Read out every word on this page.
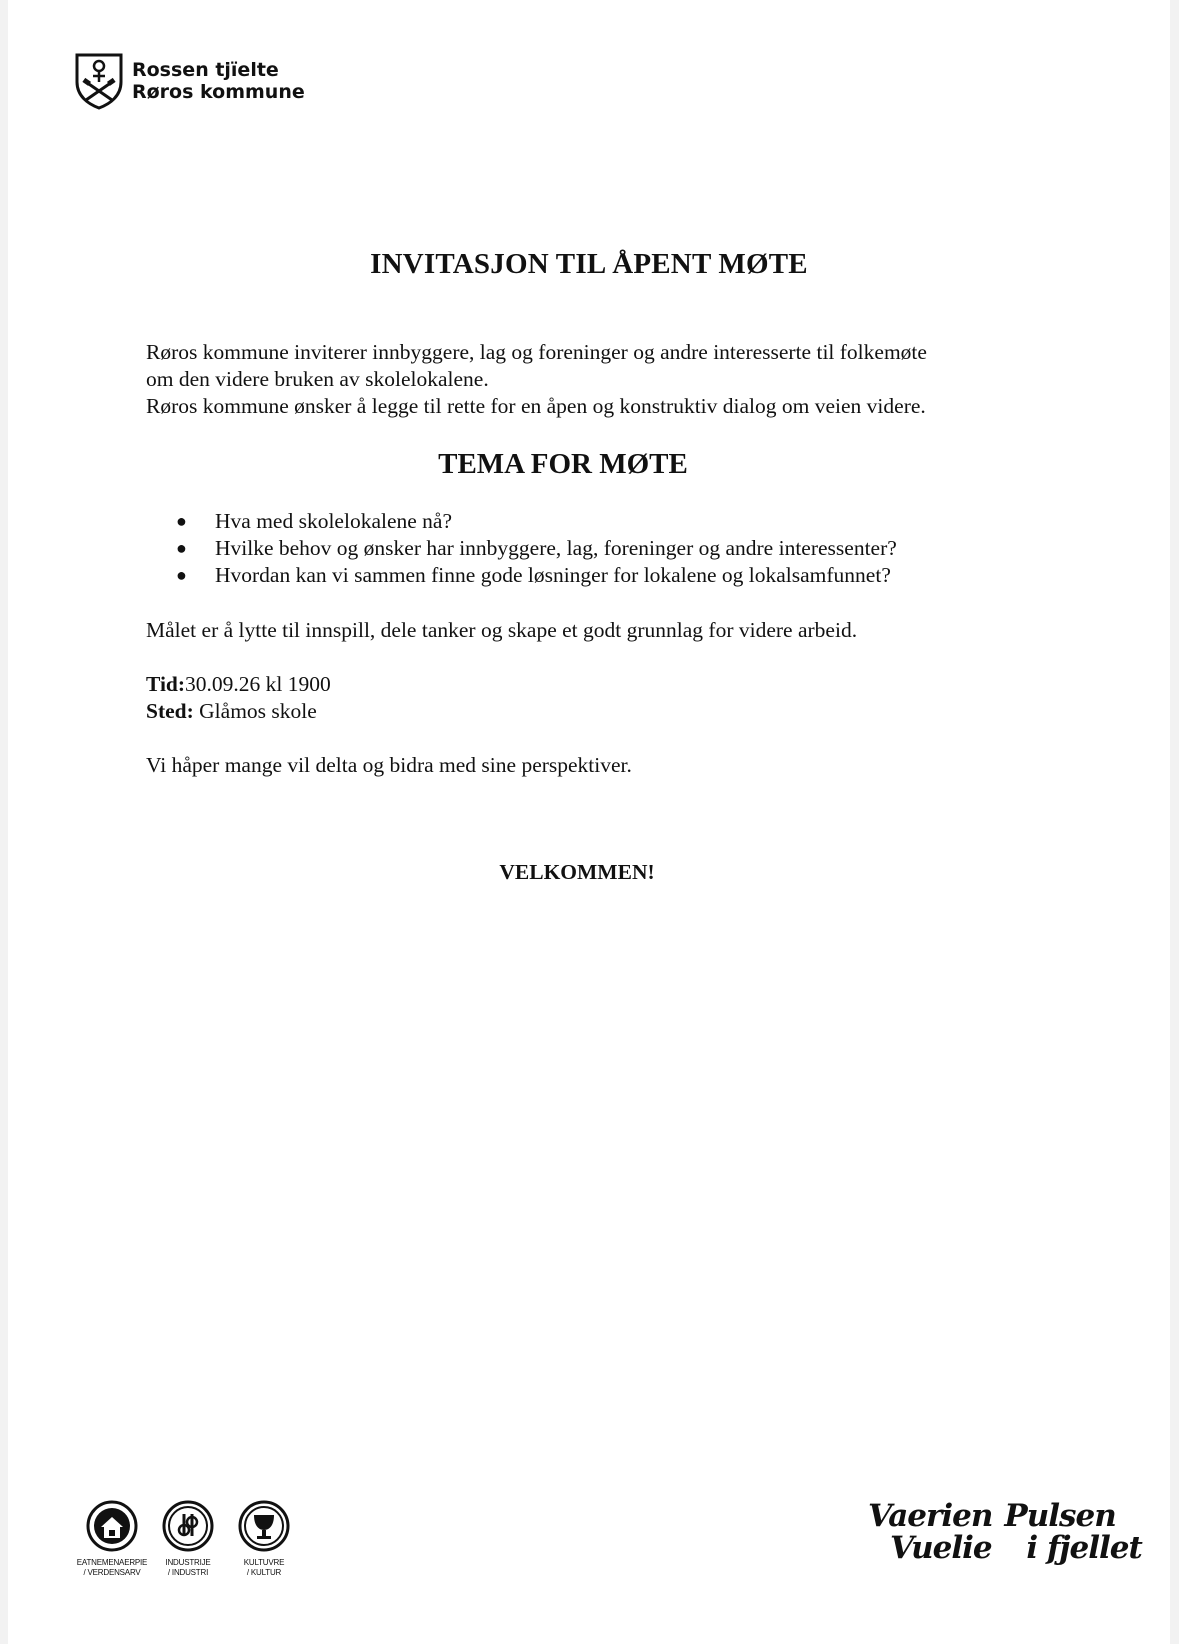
Rossen tjïelte
Røros kommune
INVITASJON TIL ÅPENT MØTE
Røros kommune inviterer innbyggere, lag og foreninger og andre interesserte til folkemøte
om den videre bruken av skolelokalene.
Røros kommune ønsker å legge til rette for en åpen og konstruktiv dialog om veien videre.
TEMA FOR MØTE
● Hva med skolelokalene nå?
● Hvilke behov og ønsker har innbyggere, lag, foreninger og andre interessenter?
● Hvordan kan vi sammen finne gode løsninger for lokalene og lokalsamfunnet?
Målet er å lytte til innspill, dele tanker og skape et godt grunnlag for videre arbeid.
Tid:30.09.26 kl 1900
Sted: Glåmos skole
Vi håper mange vil delta og bidra med sine perspektiver.
VELKOMMEN!
EATNEMENAERPIE
/ VERDENSARV
INDUSTRIJE
/ INDUSTRI
KULTUVRE
/ KULTUR
Vaerien
Vuelie
Pulsen
i fjellet
